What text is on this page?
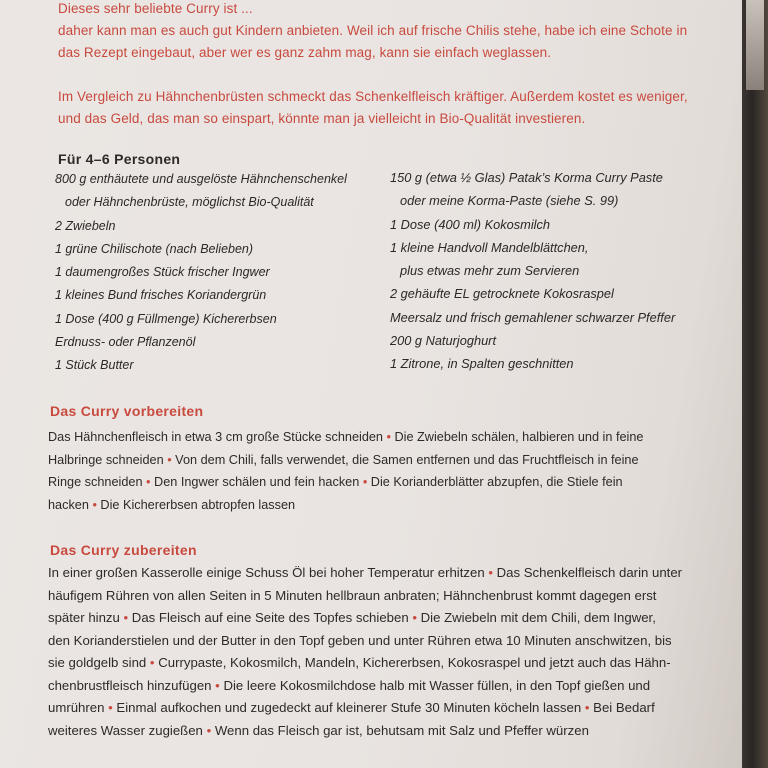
Dieses sehr beliebte Curry ist ...

daher kann man es auch gut Kindern anbieten. Weil ich auf frische Chilis stehe, habe ich eine Schote in

das Rezept eingebaut, aber wer es ganz zahm mag, kann sie einfach weglassen.

Im Vergleich zu Hähnchenbrüsten schmeckt das Schenkelfleisch kräftiger. Außerdem kostet es weniger,

und das Geld, das man so einspart, könnte man ja vielleicht in Bio-Qualität investieren.

Für 4–6 Personen
800 g enthäutete und ausgelöste Hähnchenschenkel
oder Hähnchenbrüste, möglichst Bio-Qualität
2 Zwiebeln
1 grüne Chilischote (nach Belieben)
1 daumengroßes Stück frischer Ingwer
1 kleines Bund frisches Koriandergrün
1 Dose (400 g Füllmenge) Kichererbsen
Erdnuss- oder Pflanzenöl
1 Stück Butter
150 g (etwa ½ Glas) Patak’s Korma Curry Paste
oder meine Korma-Paste (siehe S. 99)
1 Dose (400 ml) Kokosmilch
1 kleine Handvoll Mandelblättchen,
plus etwas mehr zum Servieren
2 gehäufte EL getrocknete Kokosraspel
Meersalz und frisch gemahlener schwarzer Pfeffer
200 g Naturjoghurt
1 Zitrone, in Spalten geschnitten
Das Curry vorbereiten
Das Hähnchenfleisch in etwa 3 cm große Stücke schneiden • Die Zwiebeln schälen, halbieren und in feine
Halbringe schneiden • Von dem Chili, falls verwendet, die Samen entfernen und das Fruchtfleisch in feine
Ringe schneiden • Den Ingwer schälen und fein hacken • Die Korianderblätter abzupfen, die Stiele fein
hacken • Die Kichererbsen abtropfen lassen
Das Curry zubereiten
In einer großen Kasserolle einige Schuss Öl bei hoher Temperatur erhitzen • Das Schenkelfleisch darin unter
häufigem Rühren von allen Seiten in 5 Minuten hellbraun anbraten; Hähnchenbrust kommt dagegen erst
später hinzu • Das Fleisch auf eine Seite des Topfes schieben • Die Zwiebeln mit dem Chili, dem Ingwer,
den Korianderstielen und der Butter in den Topf geben und unter Rühren etwa 10 Minuten anschwitzen, bis
sie goldgelb sind • Currypaste, Kokosmilch, Mandeln, Kichererbsen, Kokosraspel und jetzt auch das Hähn-
chenbrustfleisch hinzufügen • Die leere Kokosmilchdose halb mit Wasser füllen, in den Topf gießen und
umrühren • Einmal aufkochen und zugedeckt auf kleinerer Stufe 30 Minuten köcheln lassen • Bei Bedarf
weiteres Wasser zugießen • Wenn das Fleisch gar ist, behutsam mit Salz und Pfeffer würzen
